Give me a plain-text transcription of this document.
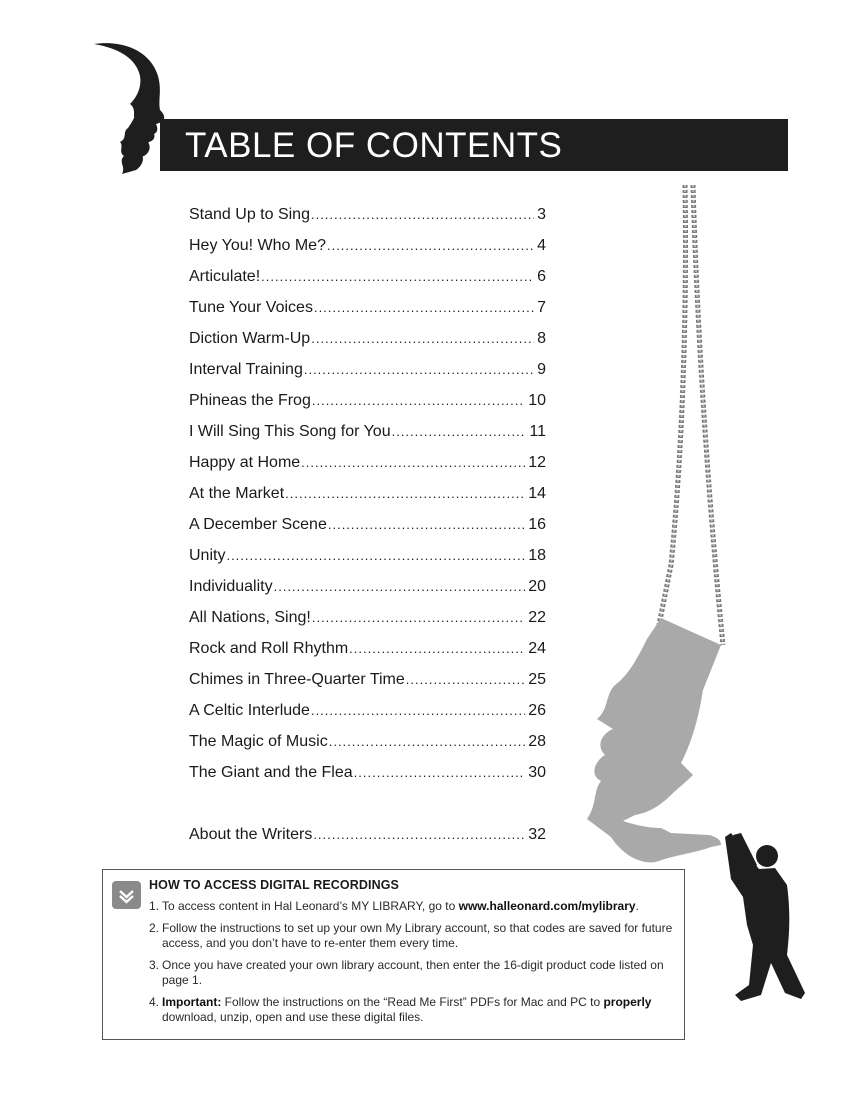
TABLE OF CONTENTS
Stand Up to Sing .....	3
Hey You! Who Me? .....	4
Articulate! .....	6
Tune Your Voices .....	7
Diction Warm-Up .....	8
Interval Training .....	9
Phineas the Frog .....	10
I Will Sing This Song for You .....	11
Happy at Home .....	12
At the Market .....	14
A December Scene .....	16
Unity .....	18
Individuality .....	20
All Nations, Sing! .....	22
Rock and Roll Rhythm .....	24
Chimes in Three-Quarter Time .....	25
A Celtic Interlude .....	26
The Magic of Music .....	28
The Giant and the Flea .....	30
About the Writers .....	32
HOW TO ACCESS DIGITAL RECORDINGS
1. To access content in Hal Leonard’s MY LIBRARY, go to www.halleonard.com/mylibrary.
2. Follow the instructions to set up your own My Library account, so that codes are saved for future access, and you don’t have to re-enter them every time.
3. Once you have created your own library account, then enter the 16-digit product code listed on page 1.
4. Important: Follow the instructions on the “Read Me First” PDFs for Mac and PC to properly download, unzip, open and use these digital files.
